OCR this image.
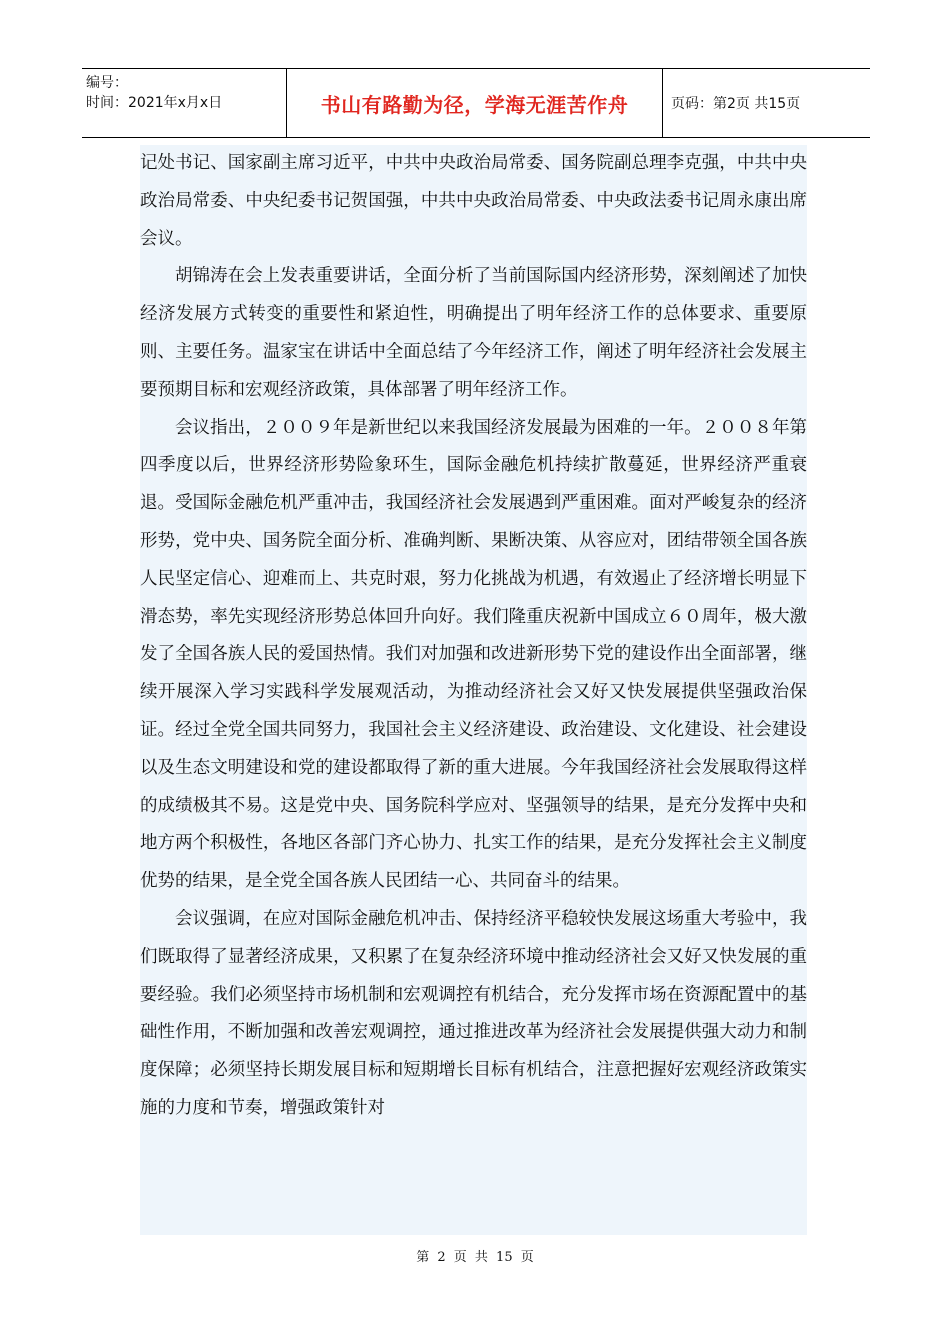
编号：
时间：2021年x月x日	书山有路勤为径，学海无涯苦作舟	页码：第2页 共15页

记处书记、国家副主席习近平，中共中央政治局常委、国务院副总理李克强，中共中央政治局常委、中央纪委书记贺国强，中共中央政治局常委、中央政法委书记周永康出席会议。

胡锦涛在会上发表重要讲话，全面分析了当前国际国内经济形势，深刻阐述了加快经济发展方式转变的重要性和紧迫性，明确提出了明年经济工作的总体要求、重要原则、主要任务。温家宝在讲话中全面总结了今年经济工作，阐述了明年经济社会发展主要预期目标和宏观经济政策，具体部署了明年经济工作。

会议指出，２００９年是新世纪以来我国经济发展最为困难的一年。２００８年第四季度以后，世界经济形势险象环生，国际金融危机持续扩散蔓延，世界经济严重衰退。受国际金融危机严重冲击，我国经济社会发展遇到严重困难。面对严峻复杂的经济形势，党中央、国务院全面分析、准确判断、果断决策、从容应对，团结带领全国各族人民坚定信心、迎难而上、共克时艰，努力化挑战为机遇，有效遏止了经济增长明显下滑态势，率先实现经济形势总体回升向好。我们隆重庆祝新中国成立６０周年，极大激发了全国各族人民的爱国热情。我们对加强和改进新形势下党的建设作出全面部署，继续开展深入学习实践科学发展观活动，为推动经济社会又好又快发展提供坚强政治保证。经过全党全国共同努力，我国社会主义经济建设、政治建设、文化建设、社会建设以及生态文明建设和党的建设都取得了新的重大进展。今年我国经济社会发展取得这样的成绩极其不易。这是党中央、国务院科学应对、坚强领导的结果，是充分发挥中央和地方两个积极性，各地区各部门齐心协力、扎实工作的结果，是充分发挥社会主义制度优势的结果，是全党全国各族人民团结一心、共同奋斗的结果。

会议强调，在应对国际金融危机冲击、保持经济平稳较快发展这场重大考验中，我们既取得了显著经济成果，又积累了在复杂经济环境中推动经济社会又好又快发展的重要经验。我们必须坚持市场机制和宏观调控有机结合，充分发挥市场在资源配置中的基础性作用，不断加强和改善宏观调控，通过推进改革为经济社会发展提供强大动力和制度保障；必须坚持长期发展目标和短期增长目标有机结合，注意把握好宏观经济政策实施的力度和节奏，增强政策针对

第 2 页 共 15 页
